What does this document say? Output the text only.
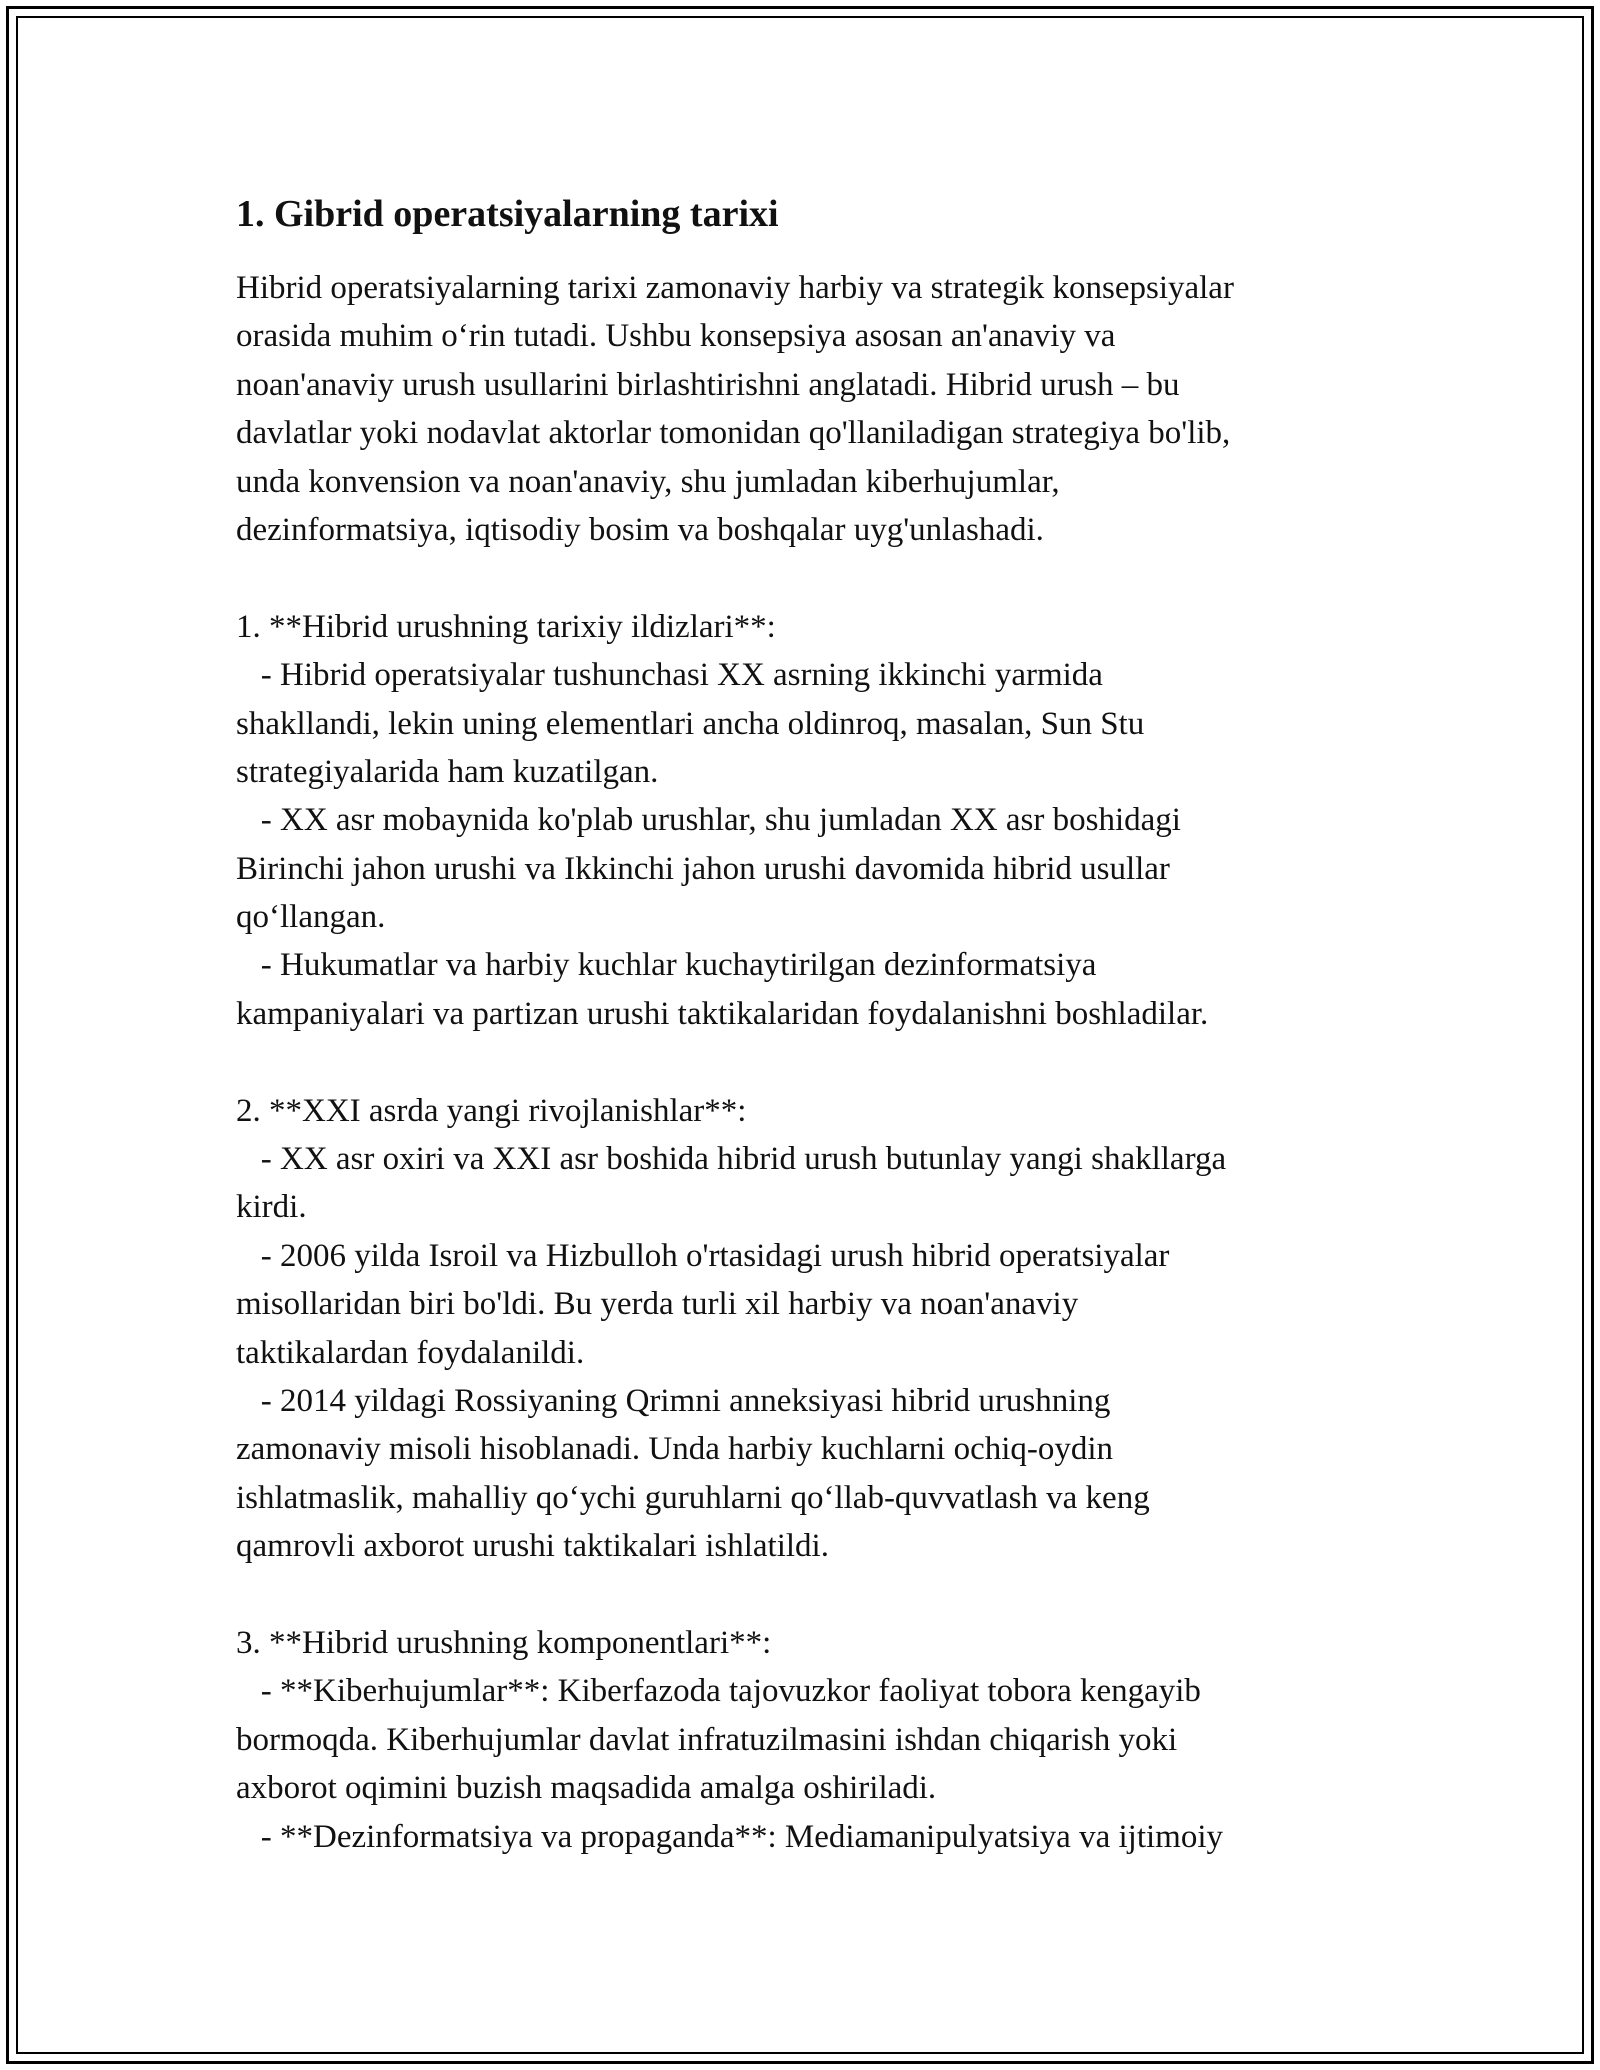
1. Gibrid operatsiyalarning tarixi
Hibrid operatsiyalarning tarixi zamonaviy harbiy va strategik konsepsiyalar
orasida muhim o‘rin tutadi. Ushbu konsepsiya asosan an'anaviy va
noan'anaviy urush usullarini birlashtirishni anglatadi. Hibrid urush – bu
davlatlar yoki nodavlat aktorlar tomonidan qo'llaniladigan strategiya bo'lib,
unda konvension va noan'anaviy, shu jumladan kiberhujumlar,
dezinformatsiya, iqtisodiy bosim va boshqalar uyg'unlashadi.
1. **Hibrid urushning tarixiy ildizlari**:
- Hibrid operatsiyalar tushunchasi XX asrning ikkinchi yarmida
shakllandi, lekin uning elementlari ancha oldinroq, masalan, Sun Stu
strategiyalarida ham kuzatilgan.
- XX asr mobaynida ko'plab urushlar, shu jumladan XX asr boshidagi
Birinchi jahon urushi va Ikkinchi jahon urushi davomida hibrid usullar
qo‘llangan.
- Hukumatlar va harbiy kuchlar kuchaytirilgan dezinformatsiya
kampaniyalari va partizan urushi taktikalaridan foydalanishni boshladilar.
2. **XXI asrda yangi rivojlanishlar**:
- XX asr oxiri va XXI asr boshida hibrid urush butunlay yangi shakllarga
kirdi.
- 2006 yilda Isroil va Hizbulloh o'rtasidagi urush hibrid operatsiyalar
misollaridan biri bo'ldi. Bu yerda turli xil harbiy va noan'anaviy
taktikalardan foydalanildi.
- 2014 yildagi Rossiyaning Qrimni anneksiyasi hibrid urushning
zamonaviy misoli hisoblanadi. Unda harbiy kuchlarni ochiq-oydin
ishlatmaslik, mahalliy qo‘ychi guruhlarni qo‘llab-quvvatlash va keng
qamrovli axborot urushi taktikalari ishlatildi.
3. **Hibrid urushning komponentlari**:
- **Kiberhujumlar**: Kiberfazoda tajovuzkor faoliyat tobora kengayib
bormoqda. Kiberhujumlar davlat infratuzilmasini ishdan chiqarish yoki
axborot oqimini buzish maqsadida amalga oshiriladi.
- **Dezinformatsiya va propaganda**: Mediamanipulyatsiya va ijtimoiy
